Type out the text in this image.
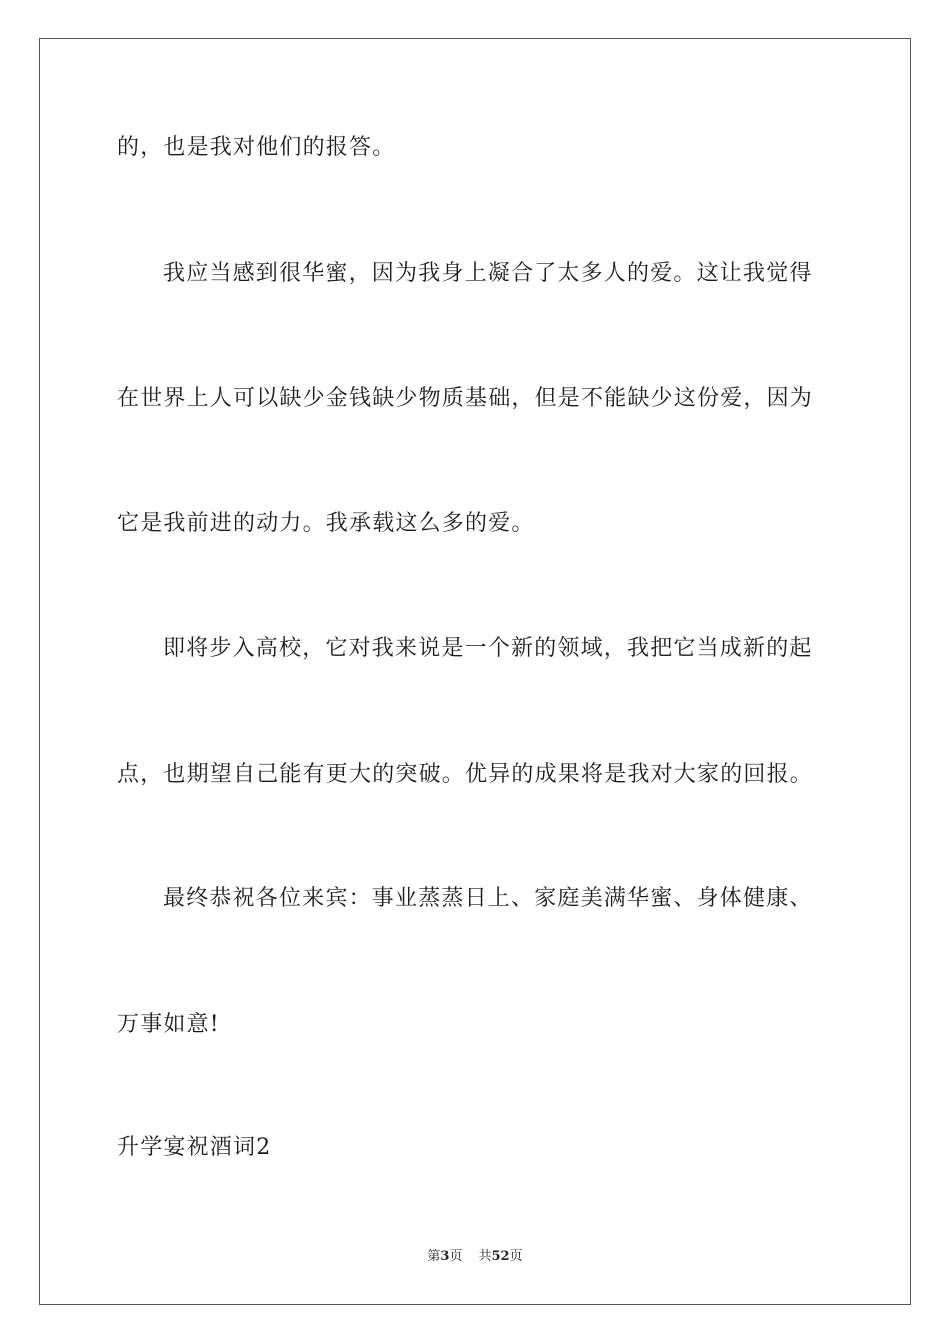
的，也是我对他们的报答。
我应当感到很华蜜，因为我身上凝合了太多人的爱。这让我觉得
在世界上人可以缺少金钱缺少物质基础，但是不能缺少这份爱，因为
它是我前进的动力。我承载这么多的爱。
即将步入高校，它对我来说是一个新的领域，我把它当成新的起
点，也期望自己能有更大的突破。优异的成果将是我对大家的回报。
最终恭祝各位来宾：事业蒸蒸日上、家庭美满华蜜、身体健康、
万事如意!
升学宴祝酒词2
第3页 共52页
